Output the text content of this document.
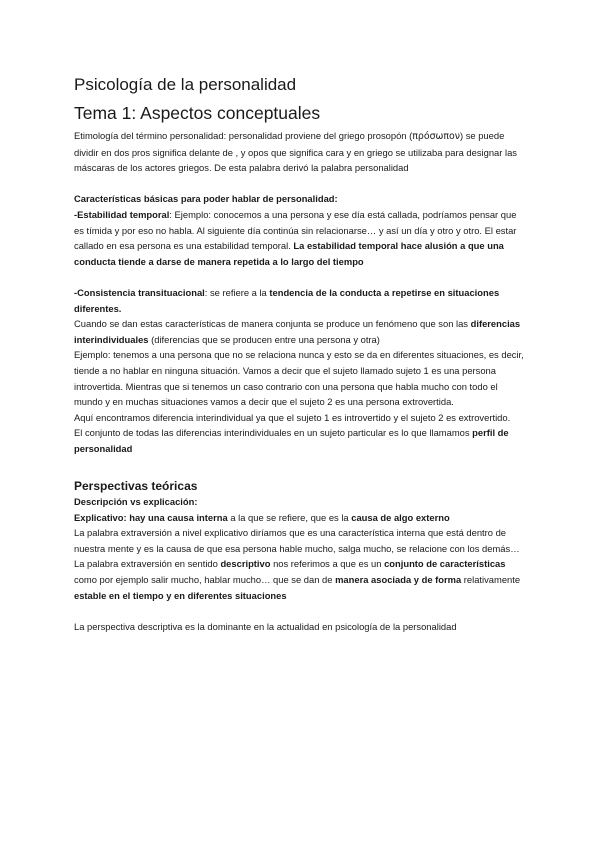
Psicología de la personalidad
Tema 1: Aspectos conceptuales

Etimología del término personalidad: personalidad proviene del griego prosopón (πρόσωπον) se puede dividir en dos pros significa delante de , y opos que significa cara y en griego se utilizaba para designar las máscaras de los actores griegos. De esta palabra derivó la palabra personalidad

Características básicas para poder hablar de personalidad:

-Estabilidad temporal: Ejemplo: conocemos a una persona y ese día está callada, podríamos pensar que es tímida y por eso no habla. Al siguiente día continúa sin relacionarse… y así un día y otro y otro. El estar callado en esa persona es una estabilidad temporal. La estabilidad temporal hace alusión a que una conducta tiende a darse de manera repetida a lo largo del tiempo

-Consistencia transituacional: se refiere a la tendencia de la conducta a repetirse en situaciones diferentes.

Cuando se dan estas características de manera conjunta se produce un fenómeno que son las diferencias interindividuales (diferencias que se producen entre una persona y otra)

Ejemplo: tenemos a una persona que no se relaciona nunca y esto se da en diferentes situaciones, es decir, tiende a no hablar en ninguna situación. Vamos a decir que el sujeto llamado sujeto 1 es una persona introvertida. Mientras que si tenemos un caso contrario con una persona que habla mucho con todo el mundo y en muchas situaciones vamos a decir que el sujeto 2 es una persona extrovertida.

Aquí encontramos diferencia interindividual ya que el sujeto 1 es introvertido y el sujeto 2 es extrovertido.

El conjunto de todas las diferencias interindividuales en un sujeto particular es lo que llamamos perfil de personalidad

Perspectivas teóricas

Descripción vs explicación:

Explicativo: hay una causa interna a la que se refiere, que es la causa de algo externo

La palabra extraversión a nivel explicativo diríamos que es una característica interna que está dentro de nuestra mente y es la causa de que esa persona hable mucho, salga mucho, se relacione con los demás…

La palabra extraversión en sentido descriptivo nos referimos a que es un conjunto de características como por ejemplo salir mucho, hablar mucho… que se dan de manera asociada y de forma relativamente estable en el tiempo y en diferentes situaciones

La perspectiva descriptiva es la dominante en la actualidad en psicología de la personalidad
